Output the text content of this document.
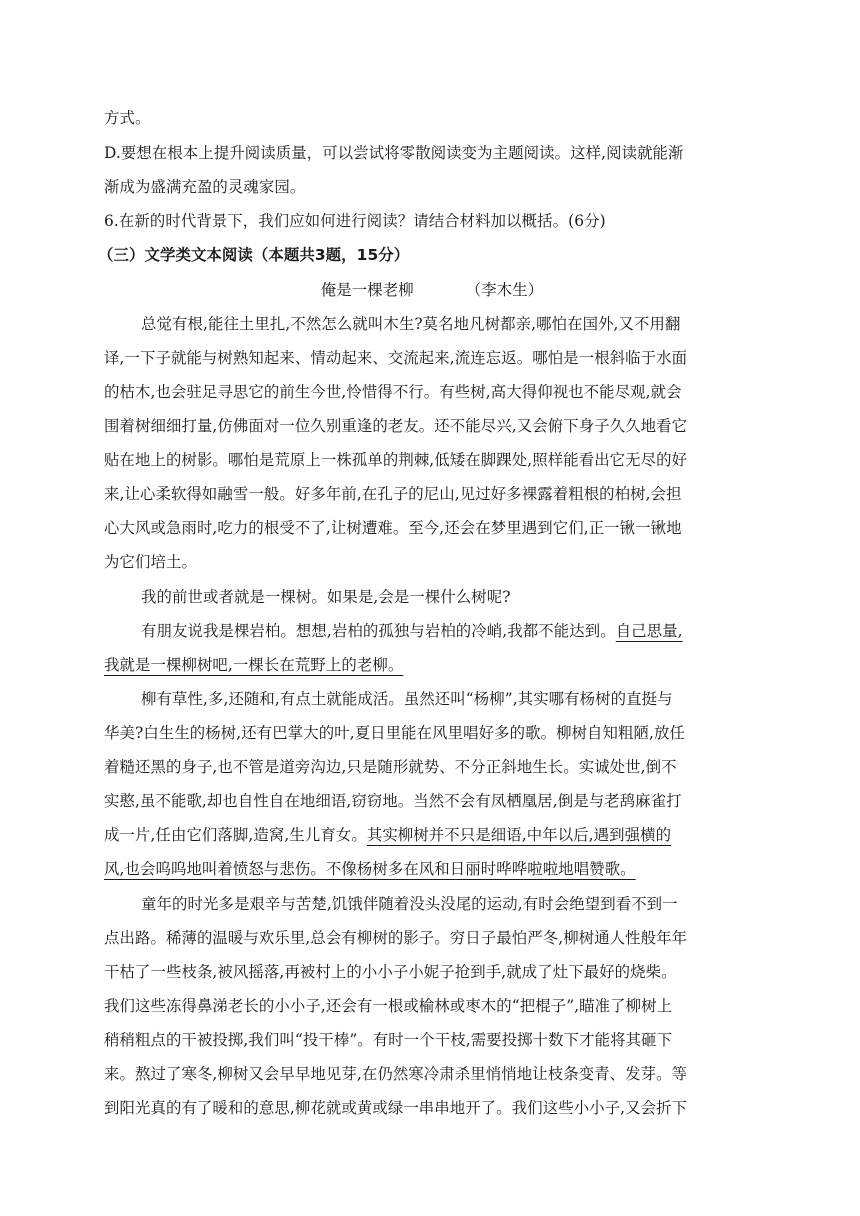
方式。
D.要想在根本上提升阅读质量，可以尝试将零散阅读变为主题阅读。这样,阅读就能渐
渐成为盛满充盈的灵魂家园。
6.在新的时代背景下，我们应如何进行阅读？请结合材料加以概括。(6分)
（三）文学类文本阅读（本题共3题，15分）
俺是一棵老柳	（李木生）
总觉有根,能往土里扎,不然怎么就叫木生?莫名地凡树都亲,哪怕在国外,又不用翻
译,一下子就能与树熟知起来、情动起来、交流起来,流连忘返。哪怕是一根斜临于水面
的枯木,也会驻足寻思它的前生今世,怜惜得不行。有些树,高大得仰视也不能尽观,就会
围着树细细打量,仿佛面对一位久别重逢的老友。还不能尽兴,又会俯下身子久久地看它
贴在地上的树影。哪怕是荒原上一株孤单的荆棘,低矮在脚踝处,照样能看出它无尽的好
来,让心柔软得如融雪一般。好多年前,在孔子的尼山,见过好多裸露着粗根的柏树,会担
心大风或急雨时,吃力的根受不了,让树遭难。至今,还会在梦里遇到它们,正一锹一锹地
为它们培土。
我的前世或者就是一棵树。如果是,会是一棵什么树呢?
有朋友说我是棵岩柏。想想,岩柏的孤独与岩柏的冷峭,我都不能达到。自己思量,
我就是一棵柳树吧,一棵长在荒野上的老柳。
柳有草性,多,还随和,有点土就能成活。虽然还叫“杨柳”,其实哪有杨树的直挺与
华美?白生生的杨树,还有巴掌大的叶,夏日里能在风里唱好多的歌。柳树自知粗陋,放任
着糙还黑的身子,也不管是道旁沟边,只是随形就势、不分正斜地生长。实诚处世,倒不
实憨,虽不能歌,却也自性自在地细语,窃窃地。当然不会有凤栖凰居,倒是与老鸹麻雀打
成一片,任由它们落脚,造窝,生儿育女。其实柳树并不只是细语,中年以后,遇到强横的
风,也会呜呜地叫着愤怒与悲伤。不像杨树多在风和日丽时哗哗啦啦地唱赞歌。
童年的时光多是艰辛与苦楚,饥饿伴随着没头没尾的运动,有时会绝望到看不到一
点出路。稀薄的温暖与欢乐里,总会有柳树的影子。穷日子最怕严冬,柳树通人性般年年
干枯了一些枝条,被风摇落,再被村上的小小子小妮子抢到手,就成了灶下最好的烧柴。
我们这些冻得鼻涕老长的小小子,还会有一根或榆林或枣木的“把棍子”,瞄准了柳树上
稍稍粗点的干被投掷,我们叫“投干棒”。有时一个干枝,需要投掷十数下才能将其砸下
来。熬过了寒冬,柳树又会早早地见芽,在仍然寒冷肃杀里悄悄地让枝条变青、发芽。等
到阳光真的有了暖和的意思,柳花就或黄或绿一串串地开了。我们这些小小子,又会折下
